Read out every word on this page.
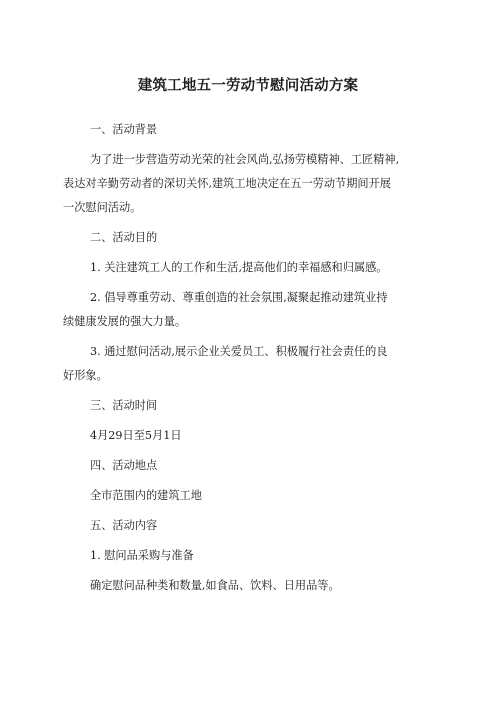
建筑工地五一劳动节慰问活动方案
一、活动背景
为了进一步营造劳动光荣的社会风尚,弘扬劳模精神、工匠精神,
表达对辛勤劳动者的深切关怀,建筑工地决定在五一劳动节期间开展
一次慰问活动。
二、活动目的
1. 关注建筑工人的工作和生活,提高他们的幸福感和归属感。
2. 倡导尊重劳动、尊重创造的社会氛围,凝聚起推动建筑业持
续健康发展的强大力量。
3. 通过慰问活动,展示企业关爱员工、积极履行社会责任的良
好形象。
三、活动时间
4月29日至5月1日
四、活动地点
全市范围内的建筑工地
五、活动内容
1. 慰问品采购与准备
确定慰问品种类和数量,如食品、饮料、日用品等。
